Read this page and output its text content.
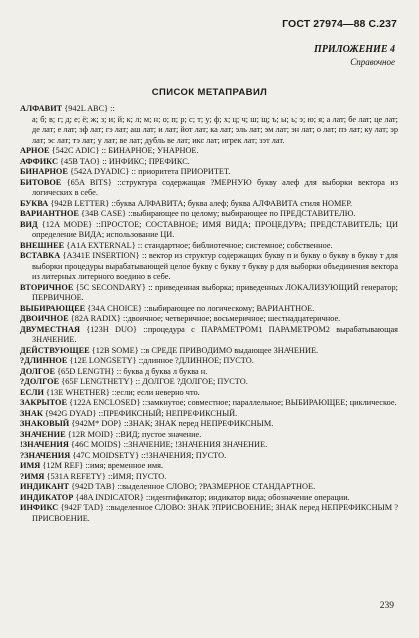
ГОСТ 27974—88 С.237
ПРИЛОЖЕНИЕ 4
Справочное
СПИСОК МЕТАПРАВИЛ

АЛФАВИТ {942L ABC} ::
а; б; в; г; д; е; ё; ж; з; и; й; к; л; м; н; о; п; р; с; т; у; ф; х; ц; ч; ш; щ; ъ; ы; ь; э; ю; я; а лат; бе лат; це лат; де лат; е лат; эф лат; гэ лат; аш лат; и лат; йот лат; ка лат; эль лат; эм лат; эн лат; о лат; пэ лат; ку лат; эр лат; эс лат; тэ лат; у лат; ве лат; дубль ве лат; икс лат; игрек лат; зэт лат.

АРНОЕ {542C ADIC} :: БИНАРНОЕ; УНАРНОЕ.

АФФИКС {45B TAO} :: ИНФИКС; ПРЕФИКС.

БИНАРНОЕ {542A DYADIC} :: приоритета ПРИОРИТЕТ.

БИТОВОЕ {65A BITS} ::структура содержащая ?МЕРНУЮ букву алеф для выборки вектора из логических в себе.

БУКВА {942B LETTER} ::буква АЛФАВИТА; буква алеф; буква АЛФАВИТА стиля НОМЕР.

ВАРИАНТНОЕ {34B CASE} ::выбирающее по целому; выбирающее по ПРЕДСТАВИТЕЛЮ.

ВИД {12A MODE} ::ПРОСТОЕ; СОСТАВНОЕ; ИМЯ ВИДА; ПРОЦЕДУРА; ПРЕДСТАВИТЕЛЬ; ЦИ определение ВИДА; использование ЦИ.

ВНЕШНЕЕ {A1A EXTERNAL} :: стандартное; библиотечное; системное; собственное.

ВСТАВКА {A341E INSERTION} :: вектор из структур содержащих букву п и букву о букву в букву т для выборки процедуры вырабатывающей целое букву с букву т букву р для выборки объединения вектора из литерных литерного воедино в себе.

ВТОРИЧНОЕ {5C SECONDARY} :: приведенная выборка; приведенных ЛОКАЛИЗУЮЩИЙ генератор; ПЕРВИЧНОЕ.

ВЫБИРАЮЩЕЕ {34A CHOICE} ::выбирающее по логическому; ВАРИАНТНОЕ.

ДВОИЧНОЕ {82A RADIX} ::двоичное; четверичное; восьмеричное; шестнадцатеричное.

ДВУМЕСТНАЯ {123H DUO} ::процедура с ПАРАМЕТРОМ1 ПАРАМЕТРОМ2 вырабатывающая ЗНАЧЕНИЕ.

ДЕЙСТВУЮЩЕЕ {12B SOME} ::в СРЕДЕ ПРИВОДИМО выдающее ЗНАЧЕНИЕ.

?ДЛИННОЕ {12E LONGSETY} ::длинное ?ДЛИННОЕ; ПУСТО.

ДОЛГОЕ {65D LENGTH} :: буква д буква л буква н.

?ДОЛГОЕ {65F LENGTHETY} :: ДОЛГОЕ ?ДОЛГОЕ; ПУСТО.

ЕСЛИ {13E WHETHER} ::если; если неверно что.

ЗАКРЫТОЕ {122A ENCLOSED} ::замкнутое; совместное; параллельное; ВЫБИРАЮЩЕЕ; циклическое.

ЗНАК {942G DYAD} ::ПРЕФИКСНЫЙ; НЕПРЕФИКСНЫЙ.

ЗНАКОВЫЙ {942M* DOP} ::ЗНАК; ЗНАК перед НЕПРЕФИКСНЫМ.

ЗНАЧЕНИЕ {12R MOID} ::ВИД; пустое значение.

!ЗНАЧЕНИЯ {46C MOIDS} ::ЗНАЧЕНИЕ; !ЗНАЧЕНИЯ ЗНАЧЕНИЕ.

?ЗНАЧЕНИЯ {47C MOIDSETY} ::!ЗНАЧЕНИЯ; ПУСТО.

ИМЯ {12M REF} ::имя; временное имя.

?ИМЯ {531A REFETY} ::ИМЯ; ПУСТО.

ИНДИКАНТ {942D TAB} ::выделенное СЛОВО; ?РАЗМЕРНОЕ СТАНДАРТНОЕ.

ИНДИКАТОР {48A INDICATOR} ::идентификатор; индикатор вида; обозначение операции.

ИНФИКС {942F TAD} ::выделенное СЛОВО: ЗНАК ?ПРИСВОЕНИЕ; ЗНАК перед НЕПРЕФИКСНЫМ ?ПРИСВОЕНИЕ.

239
